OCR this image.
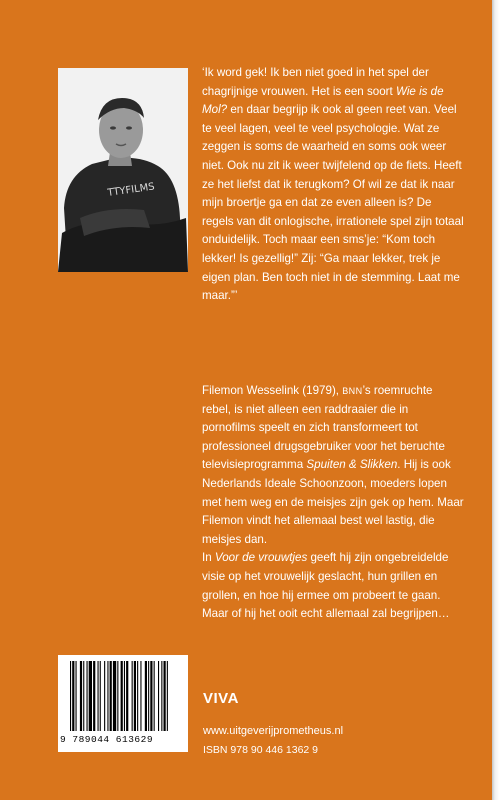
TTYFILMS

‘Ik word gek! Ik ben niet goed in het spel der chagrijnige vrouwen. Het is een soort Wie is de Mol? en daar begrijp ik ook al geen reet van. Veel te veel lagen, veel te veel psychologie. Wat ze zeggen is soms de waarheid en soms ook weer niet. Ook nu zit ik weer twijfelend op de fiets. Heeft ze het liefst dat ik terugkom? Of wil ze dat ik naar mijn broertje ga en dat ze even alleen is? De regels van dit onlogische, irrationele spel zijn totaal onduidelijk. Toch maar een sms’je: “Kom toch lekker! Is gezellig!” Zij: “Ga maar lekker, trek je eigen plan. Ben toch niet in de stemming. Laat me maar.”’

Filemon Wesselink (1979), BNN’s roemruchte rebel, is niet alleen een raddraaier die in pornofilms speelt en zich transformeert tot professioneel drugsgebruiker voor het beruchte televisieprogramma Spuiten & Slikken. Hij is ook Nederlands Ideale Schoonzoon, moeders lopen met hem weg en de meisjes zijn gek op hem. Maar Filemon vindt het allemaal best wel lastig, die meisjes dan.

In Voor de vrouwtjes geeft hij zijn ongebreidelde visie op het vrouwelijk geslacht, hun grillen en grollen, en hoe hij ermee om probeert te gaan. Maar of hij het ooit echt allemaal zal begrijpen…

9 789044 613629
VIVA
www.uitgeverijprometheus.nl
ISBN 978 90 446 1362 9
